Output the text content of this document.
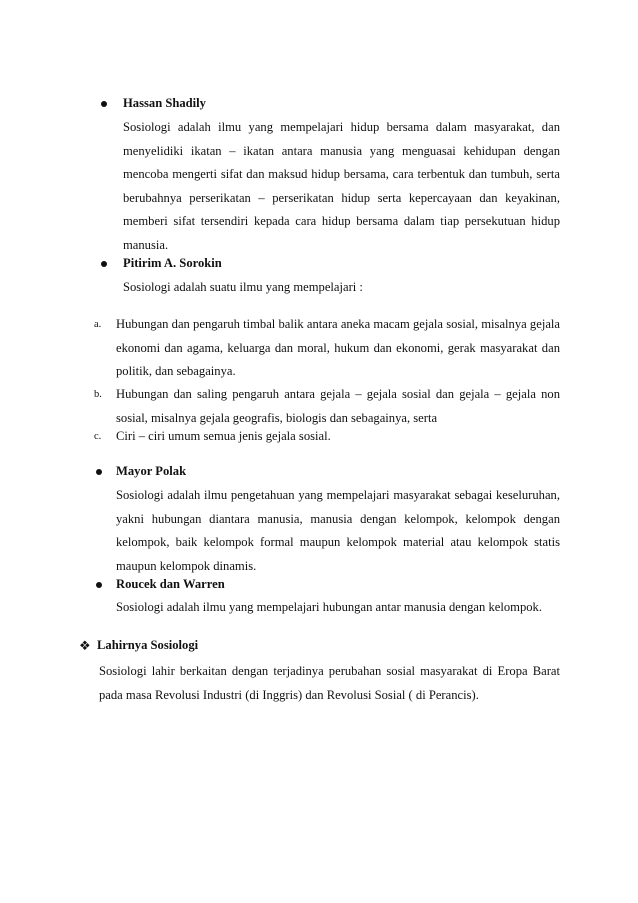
Hassan Shadily
Sosiologi adalah ilmu yang mempelajari hidup bersama dalam masyarakat, dan menyelidiki ikatan – ikatan antara manusia yang menguasai kehidupan dengan mencoba mengerti sifat dan maksud hidup bersama, cara terbentuk dan tumbuh, serta berubahnya perserikatan – perserikatan hidup serta kepercayaan dan keyakinan, memberi sifat tersendiri kepada cara hidup bersama dalam tiap persekutuan hidup manusia.
Pitirim A. Sorokin
Sosiologi adalah suatu ilmu yang mempelajari :
a. Hubungan dan pengaruh timbal balik antara aneka macam gejala sosial, misalnya gejala ekonomi dan agama, keluarga dan moral, hukum dan ekonomi, gerak masyarakat dan politik, dan sebagainya.
b. Hubungan dan saling pengaruh antara gejala – gejala sosial dan gejala – gejala non sosial, misalnya gejala geografis, biologis dan sebagainya, serta
c. Ciri – ciri umum semua jenis gejala sosial.
Mayor Polak
Sosiologi adalah ilmu pengetahuan yang mempelajari masyarakat sebagai keseluruhan, yakni hubungan diantara manusia, manusia dengan kelompok, kelompok dengan kelompok, baik kelompok formal maupun kelompok material atau kelompok statis maupun kelompok dinamis.
Roucek dan Warren
Sosiologi adalah ilmu yang mempelajari hubungan antar manusia dengan kelompok.
❖ Lahirnya Sosiologi
Sosiologi lahir berkaitan dengan terjadinya perubahan sosial masyarakat di Eropa Barat pada masa Revolusi Industri (di Inggris) dan Revolusi Sosial ( di Perancis).
